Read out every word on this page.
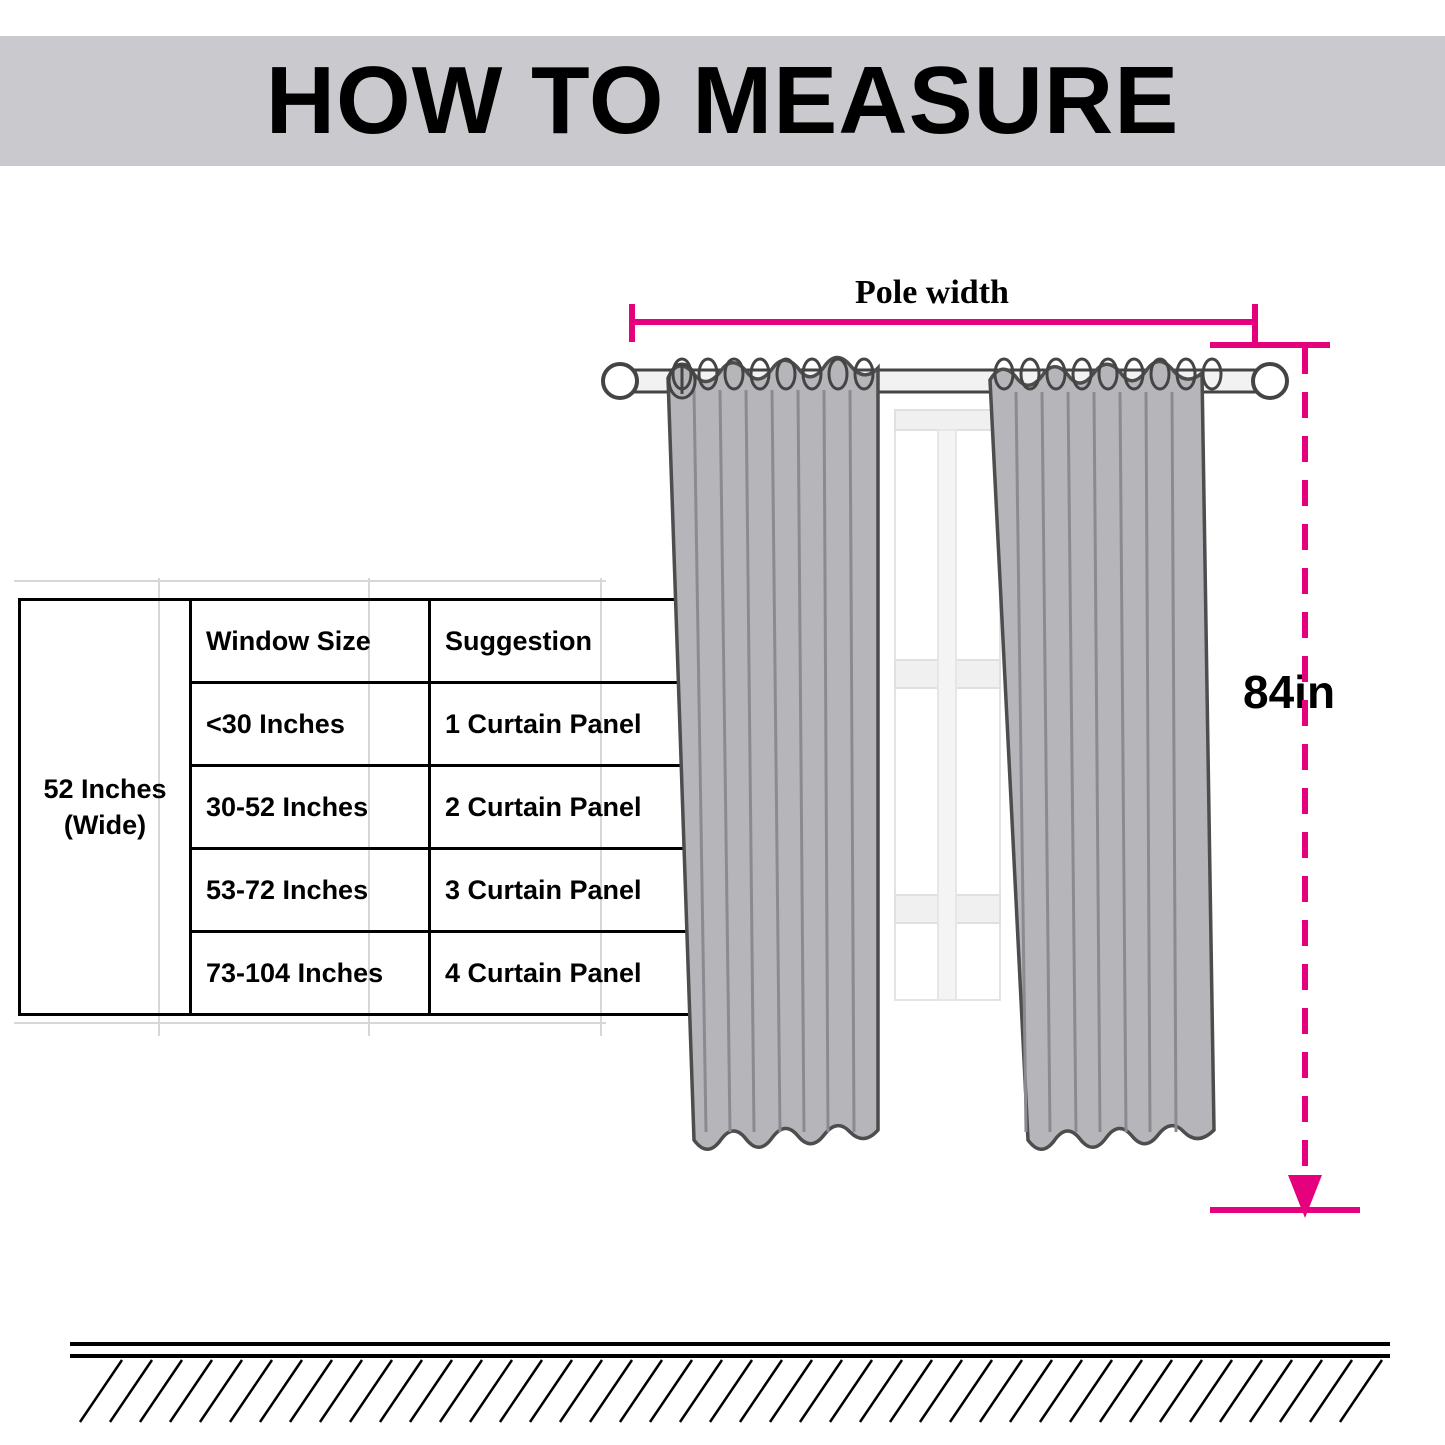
HOW TO MEASURE
52 Inches
(Wide)	Window Size	Suggestion
	<30 Inches	1 Curtain Panel
	30-52 Inches	2 Curtain Panel
	53-72 Inches	3 Curtain Panel
	73-104 Inches	4 Curtain Panel
Pole width
84in
